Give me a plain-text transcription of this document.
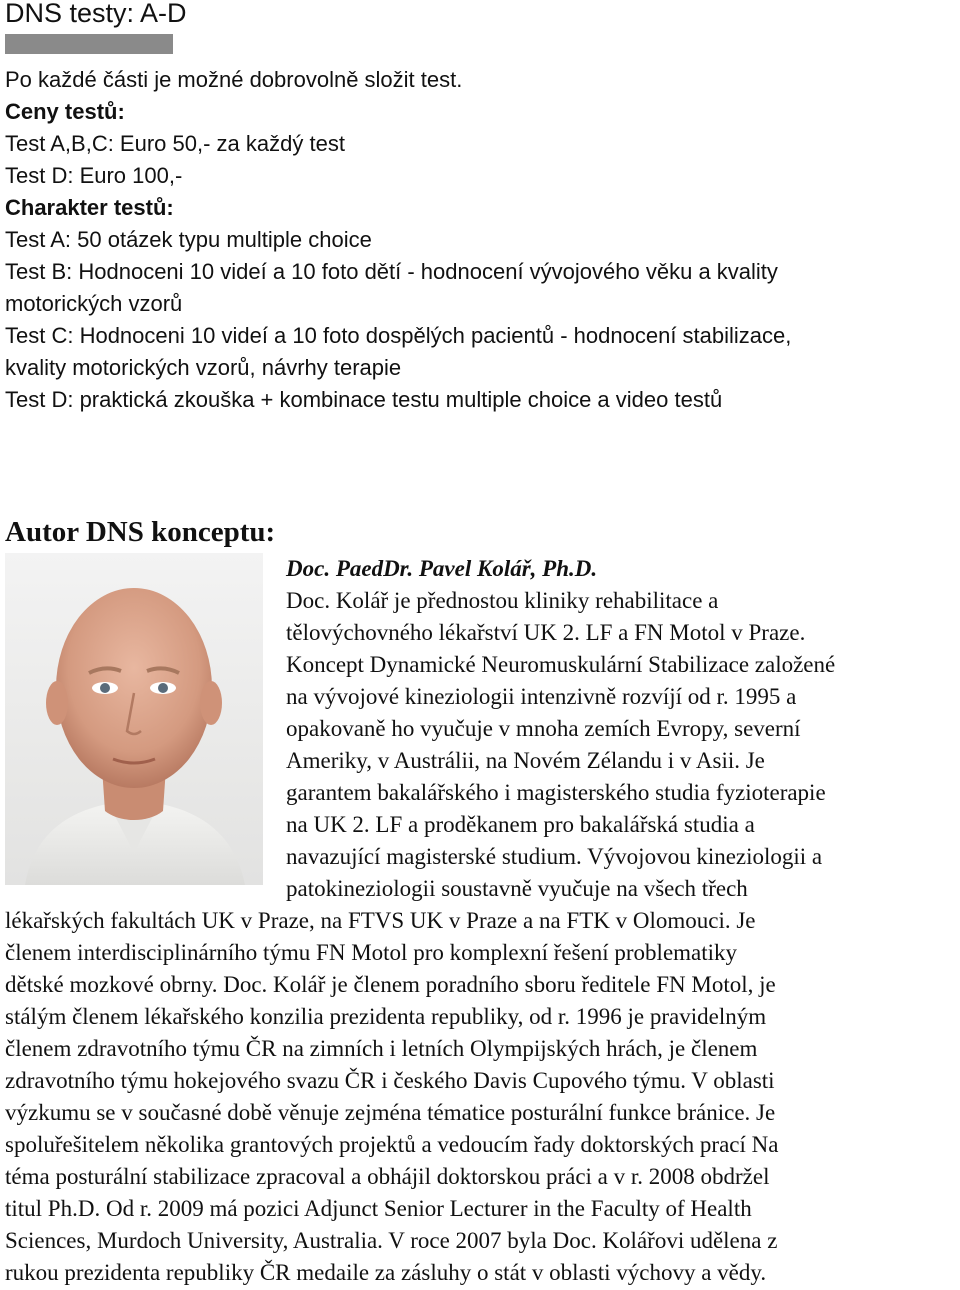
DNS testy: A-D

Po každé části je možné dobrovolně složit test.

Ceny testů:

Test A,B,C: Euro 50,- za každý test

Test D: Euro 100,-

Charakter testů:

Test A: 50 otázek typu multiple choice

Test B: Hodnoceni 10 videí a 10 foto dětí - hodnocení vývojového věku a kvality

motorických vzorů

Test C: Hodnoceni 10 videí a 10 foto dospělých pacientů - hodnocení stabilizace,

kvality motorických vzorů, návrhy terapie

Test D: praktická zkouška + kombinace testu multiple choice a video testů

Autor DNS konceptu:

Doc. PaedDr. Pavel Kolář, Ph.D.

Doc. Kolář je přednostou kliniky rehabilitace a

tělovýchovného lékařství UK 2. LF a FN Motol v Praze.

Koncept Dynamické Neuromuskulární Stabilizace založené

na vývojové kineziologii intenzivně rozvíjí od r. 1995 a

opakovaně ho vyučuje v mnoha zemích Evropy, severní

Ameriky, v Austrálii, na Novém Zélandu i v Asii. Je

garantem bakalářského i magisterského studia fyzioterapie

na UK 2. LF a proděkanem pro bakalářská studia a

navazující magisterské studium. Vývojovou kineziologii a

patokineziologii soustavně vyučuje na všech třech

lékařských fakultách UK v Praze, na FTVS UK v Praze a na FTK v Olomouci. Je

členem interdisciplinárního týmu FN Motol pro komplexní řešení problematiky

dětské mozkové obrny. Doc. Kolář je členem poradního sboru ředitele FN Motol, je

stálým členem lékařského konzilia prezidenta republiky, od r. 1996 je pravidelným

členem zdravotního týmu ČR na zimních i letních Olympijských hrách, je členem

zdravotního týmu hokejového svazu ČR i českého Davis Cupového týmu. V oblasti

výzkumu se v současné době věnuje zejména tématice posturální funkce bránice. Je

spoluřešitelem několika grantových projektů a vedoucím řady doktorských prací Na

téma posturální stabilizace zpracoval a obhájil doktorskou práci a v r. 2008 obdržel

titul Ph.D. Od r. 2009 má pozici Adjunct Senior Lecturer in the Faculty of Health

Sciences, Murdoch University, Australia. V roce 2007 byla Doc. Kolářovi udělena z

rukou prezidenta republiky ČR medaile za zásluhy o stát v oblasti výchovy a vědy.
